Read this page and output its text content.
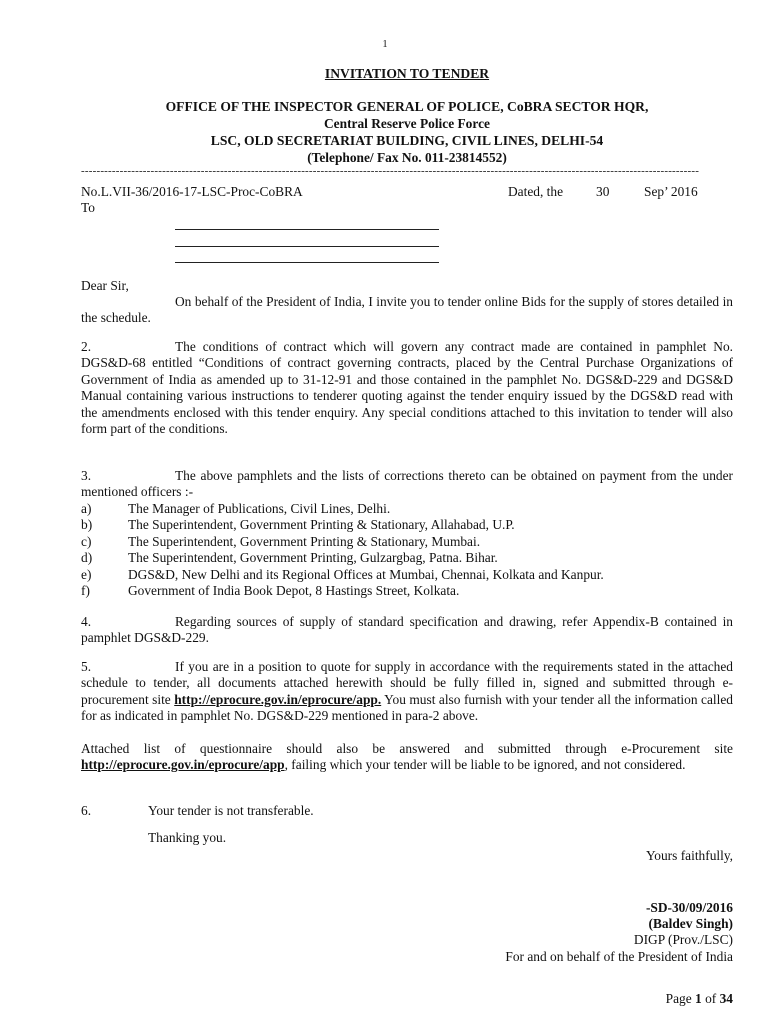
1
INVITATION TO TENDER
OFFICE OF THE INSPECTOR GENERAL OF POLICE, CoBRA SECTOR HQR,
Central Reserve Police Force
LSC, OLD SECRETARIAT BUILDING, CIVIL LINES, DELHI-54
(Telephone/ Fax No. 011-23814552)
----------------------------------------------------------------------------------------------------------------------------------------------------------------
No.L.VII-36/2016-17-LSC-Proc-CoBRA	Dated, the 30	Sep’ 2016
To
Dear Sir,

On behalf of the President of India, I invite you to tender online Bids for the supply of stores detailed in the schedule.

2.	The conditions of contract which will govern any contract made are contained in pamphlet No. DGS&D-68 entitled “Conditions of contract governing contracts, placed by the Central Purchase Organizations of Government of India as amended up to 31-12-91 and those contained in the pamphlet No. DGS&D-229 and DGS&D Manual containing various instructions to tenderer quoting against the tender enquiry issued by the DGS&D read with the amendments enclosed with this tender enquiry. Any special conditions attached to this invitation to tender will also form part of the conditions.

3.	The above pamphlets and the lists of corrections thereto can be obtained on payment from the under mentioned officers :-

a)	The Manager of Publications, Civil Lines, Delhi.
b)	The Superintendent, Government Printing & Stationary, Allahabad, U.P.
c)	The Superintendent, Government Printing & Stationary, Mumbai.
d)	The Superintendent, Government Printing, Gulzargbag, Patna. Bihar.
e)	DGS&D, New Delhi and its Regional Offices at Mumbai, Chennai, Kolkata and Kanpur.
f)	Government of India Book Depot, 8 Hastings Street, Kolkata.

4.	Regarding sources of supply of standard specification and drawing, refer Appendix-B contained in pamphlet DGS&D-229.

5.	If you are in a position to quote for supply in accordance with the requirements stated in the attached schedule to tender, all documents attached herewith should be fully filled in, signed and submitted through e-procurement site http://eprocure.gov.in/eprocure/app. You must also furnish with your tender all the information called for as indicated in pamphlet No. DGS&D-229 mentioned in para-2 above.

Attached list of questionnaire should also be answered and submitted through e-Procurement site http://eprocure.gov.in/eprocure/app, failing which your tender will be liable to be ignored, and not considered.

6.	Your tender is not transferable.

Thanking you.
Yours faithfully,
-SD-30/09/2016
(Baldev Singh)
DIGP (Prov./LSC)
For and on behalf of the President of India
Page 1 of 34
